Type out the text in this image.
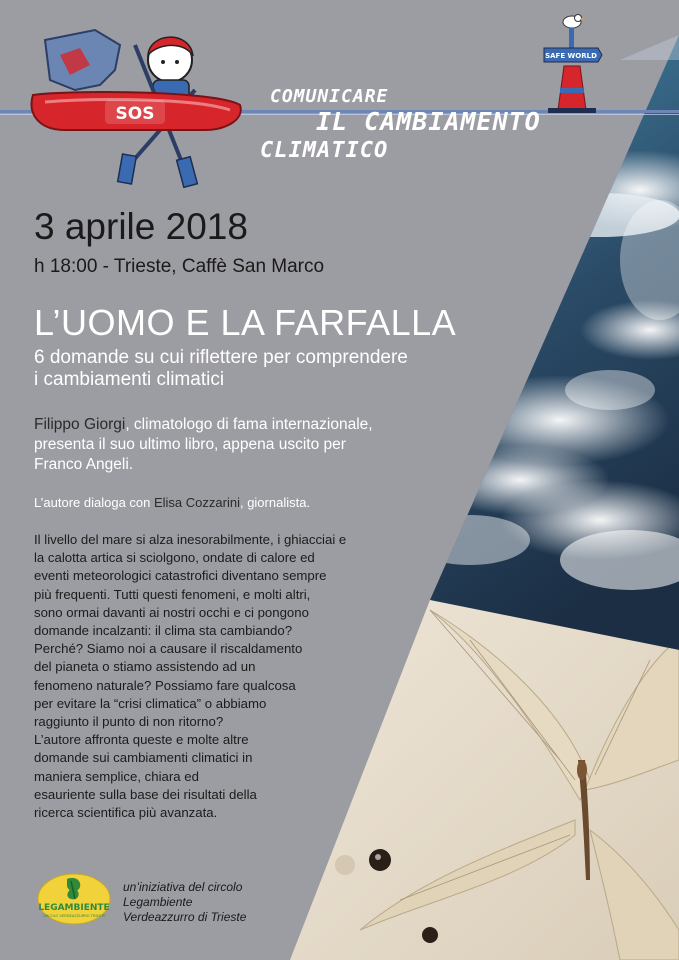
SOS
SAFE WORLD
COMUNICARE
IL CAMBIAMENTO
CLIMATICO
3 aprile 2018
h 18:00 - Trieste, Caffè San Marco
L’UOMO E LA FARFALLA
6 domande su cui riflettere per comprendere
i cambiamenti climatici
Filippo Giorgi, climatologo di fama internazionale,
presenta il suo ultimo libro, appena uscito per
Franco Angeli.
L’autore dialoga con Elisa Cozzarini, giornalista.
Il livello del mare si alza inesorabilmente, i ghiacciai e
la calotta artica si sciolgono, ondate di calore ed
eventi meteorologici catastrofici diventano sempre
più frequenti. Tutti questi fenomeni, e molti altri,
sono ormai davanti ai nostri occhi e ci pongono
domande incalzanti: il clima sta cambiando?
Perché? Siamo noi a causare il riscaldamento
del pianeta o stiamo assistendo ad un
fenomeno naturale? Possiamo fare qualcosa
per evitare la “crisi climatica” o abbiamo
raggiunto il punto di non ritorno?
L’autore affronta queste e molte altre
domande sui cambiamenti climatici in
maniera semplice, chiara ed
esauriente sulla base dei risultati della
ricerca scientifica più avanzata.
LEGAMBIENTE
CIRCOLO VERDEAZZURRO TRIESTE
un’iniziativa del circolo
Legambiente
Verdeazzurro di Trieste
